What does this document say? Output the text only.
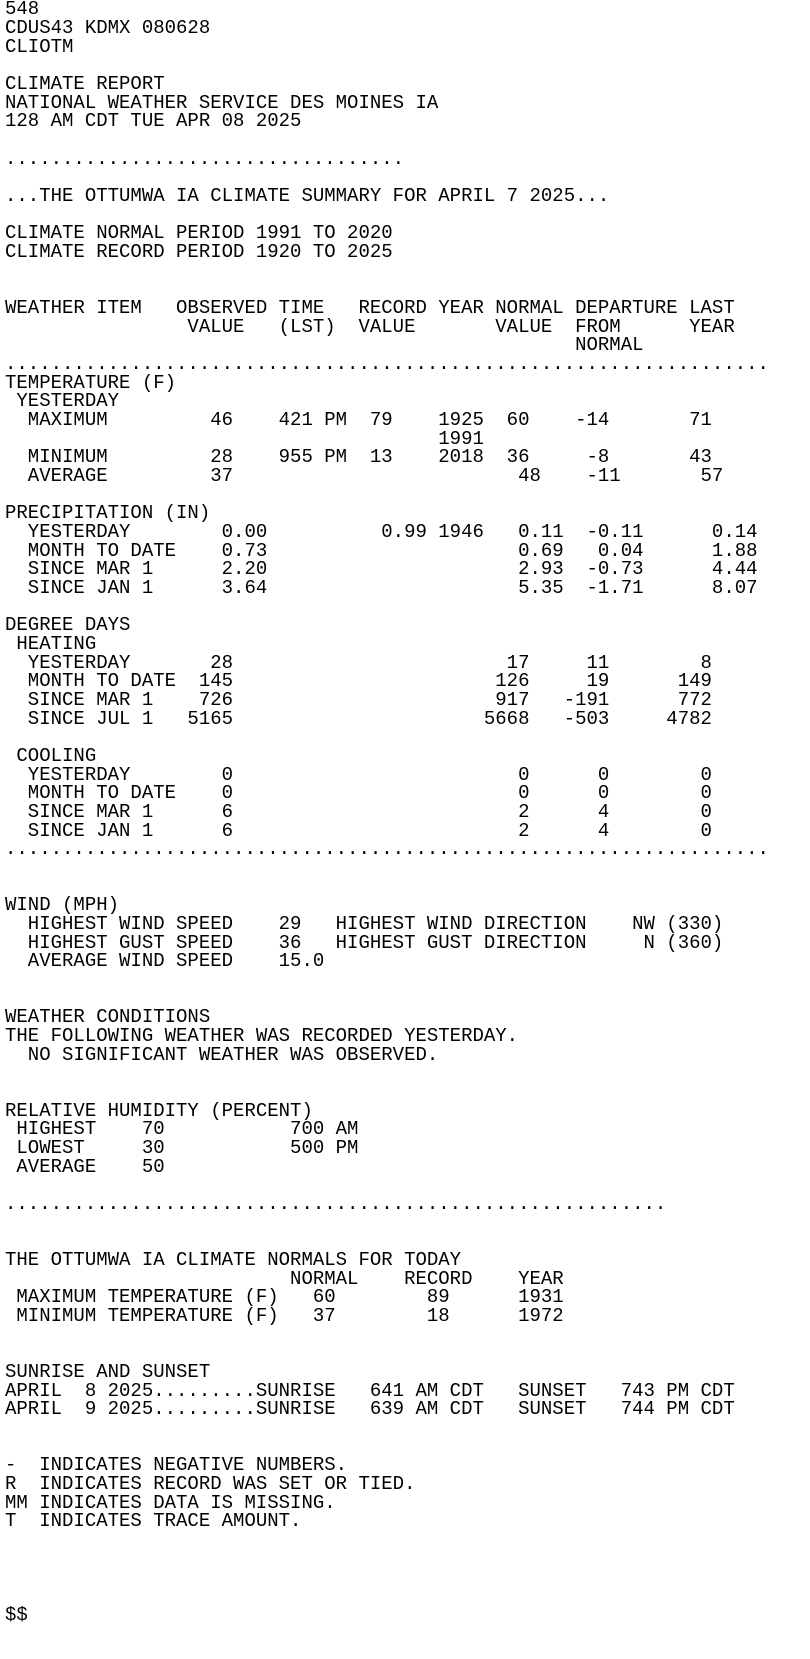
548
CDUS43 KDMX 080628
CLIOTM

CLIMATE REPORT
NATIONAL WEATHER SERVICE DES MOINES IA
128 AM CDT TUE APR 08 2025

...................................

...THE OTTUMWA IA CLIMATE SUMMARY FOR APRIL 7 2025...

CLIMATE NORMAL PERIOD 1991 TO 2020
CLIMATE RECORD PERIOD 1920 TO 2025

WEATHER ITEM   OBSERVED TIME   RECORD YEAR NORMAL DEPARTURE LAST
VALUE   (LST)  VALUE       VALUE  FROM      YEAR
NORMAL
...................................................................
TEMPERATURE (F)
YESTERDAY
MAXIMUM         46    421 PM  79    1925  60    -14       71
1991
MINIMUM         28    955 PM  13    2018  36     -8       43
AVERAGE         37                         48    -11       57

PRECIPITATION (IN)
YESTERDAY        0.00          0.99 1946   0.11  -0.11      0.14
MONTH TO DATE    0.73                      0.69   0.04      1.88
SINCE MAR 1      2.20                      2.93  -0.73      4.44
SINCE JAN 1      3.64                      5.35  -1.71      8.07

DEGREE DAYS
HEATING
YESTERDAY       28                        17     11        8
MONTH TO DATE  145                       126     19      149
SINCE MAR 1    726                       917   -191      772
SINCE JUL 1   5165                      5668   -503     4782

COOLING
YESTERDAY        0                         0      0        0
MONTH TO DATE    0                         0      0        0
SINCE MAR 1      6                         2      4        0
SINCE JAN 1      6                         2      4        0
...................................................................

WIND (MPH)
HIGHEST WIND SPEED    29   HIGHEST WIND DIRECTION    NW (330)
HIGHEST GUST SPEED    36   HIGHEST GUST DIRECTION     N (360)
AVERAGE WIND SPEED    15.0

WEATHER CONDITIONS
THE FOLLOWING WEATHER WAS RECORDED YESTERDAY.
NO SIGNIFICANT WEATHER WAS OBSERVED.

RELATIVE HUMIDITY (PERCENT)
HIGHEST    70           700 AM
LOWEST     30           500 PM
AVERAGE    50

..........................................................

THE OTTUMWA IA CLIMATE NORMALS FOR TODAY
NORMAL    RECORD    YEAR
MAXIMUM TEMPERATURE (F)   60        89      1931
MINIMUM TEMPERATURE (F)   37        18      1972

SUNRISE AND SUNSET
APRIL  8 2025.........SUNRISE   641 AM CDT   SUNSET   743 PM CDT
APRIL  9 2025.........SUNRISE   639 AM CDT   SUNSET   744 PM CDT

-  INDICATES NEGATIVE NUMBERS.
R  INDICATES RECORD WAS SET OR TIED.
MM INDICATES DATA IS MISSING.
T  INDICATES TRACE AMOUNT.

$$
